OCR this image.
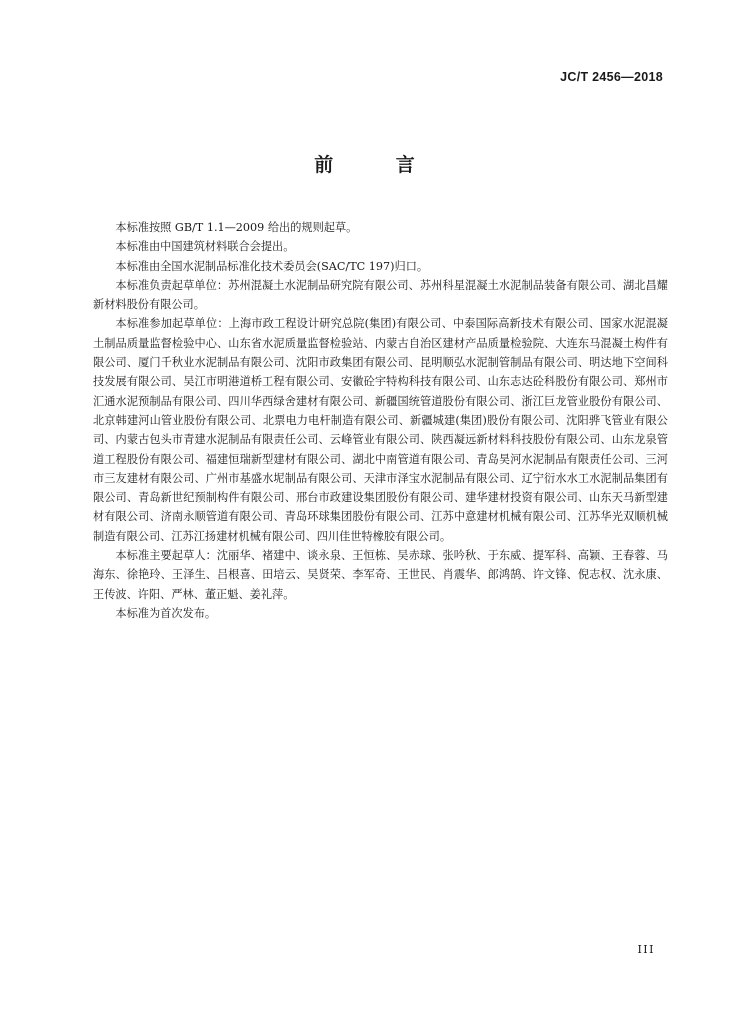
JC/T 2456—2018
前 言

本标准按照 GB/T 1.1—2009 给出的规则起草。

本标准由中国建筑材料联合会提出。

本标准由全国水泥制品标准化技术委员会(SAC/TC 197)归口。

本标准负责起草单位：苏州混凝土水泥制品研究院有限公司、苏州科星混凝土水泥制品装备有限公司、湖北昌耀新材料股份有限公司。

本标准参加起草单位：上海市政工程设计研究总院(集团)有限公司、中泰国际高新技术有限公司、国家水泥混凝土制品质量监督检验中心、山东省水泥质量监督检验站、内蒙古自治区建材产品质量检验院、大连东马混凝土构件有限公司、厦门千秋业水泥制品有限公司、沈阳市政集团有限公司、昆明顺弘水泥制管制品有限公司、明达地下空间科技发展有限公司、吴江市明港道桥工程有限公司、安徽砼宇特构科技有限公司、山东志达砼科股份有限公司、郑州市汇通水泥预制品有限公司、四川华西绿舍建材有限公司、新疆国统管道股份有限公司、浙江巨龙管业股份有限公司、北京韩建河山管业股份有限公司、北票电力电杆制造有限公司、新疆城建(集团)股份有限公司、沈阳骅飞管业有限公司、内蒙古包头市青建水泥制品有限责任公司、云峰管业有限公司、陕西凝远新材料科技股份有限公司、山东龙泉管道工程股份有限公司、福建恒瑞新型建材有限公司、湖北中南管道有限公司、青岛昊河水泥制品有限责任公司、三河市三友建材有限公司、广州市基盛水坭制品有限公司、天津市泽宝水泥制品有限公司、辽宁衍水水工水泥制品集团有限公司、青岛新世纪预制构件有限公司、邢台市政建设集团股份有限公司、建华建材投资有限公司、山东天马新型建材有限公司、济南永顺管道有限公司、青岛环球集团股份有限公司、江苏中意建材机械有限公司、江苏华光双顺机械制造有限公司、江苏江扬建材机械有限公司、四川佳世特橡胶有限公司。

本标准主要起草人：沈丽华、褚建中、谈永泉、王恒栋、吴赤球、张吟秋、于东威、提军科、高颖、王春蓉、马海东、徐艳玲、王泽生、吕根喜、田培云、吴贤荣、李军奇、王世民、肖震华、郎鸿鹄、许文锋、倪志权、沈永康、王传波、许阳、严林、董正魁、姜礼萍。

本标准为首次发布。

III
